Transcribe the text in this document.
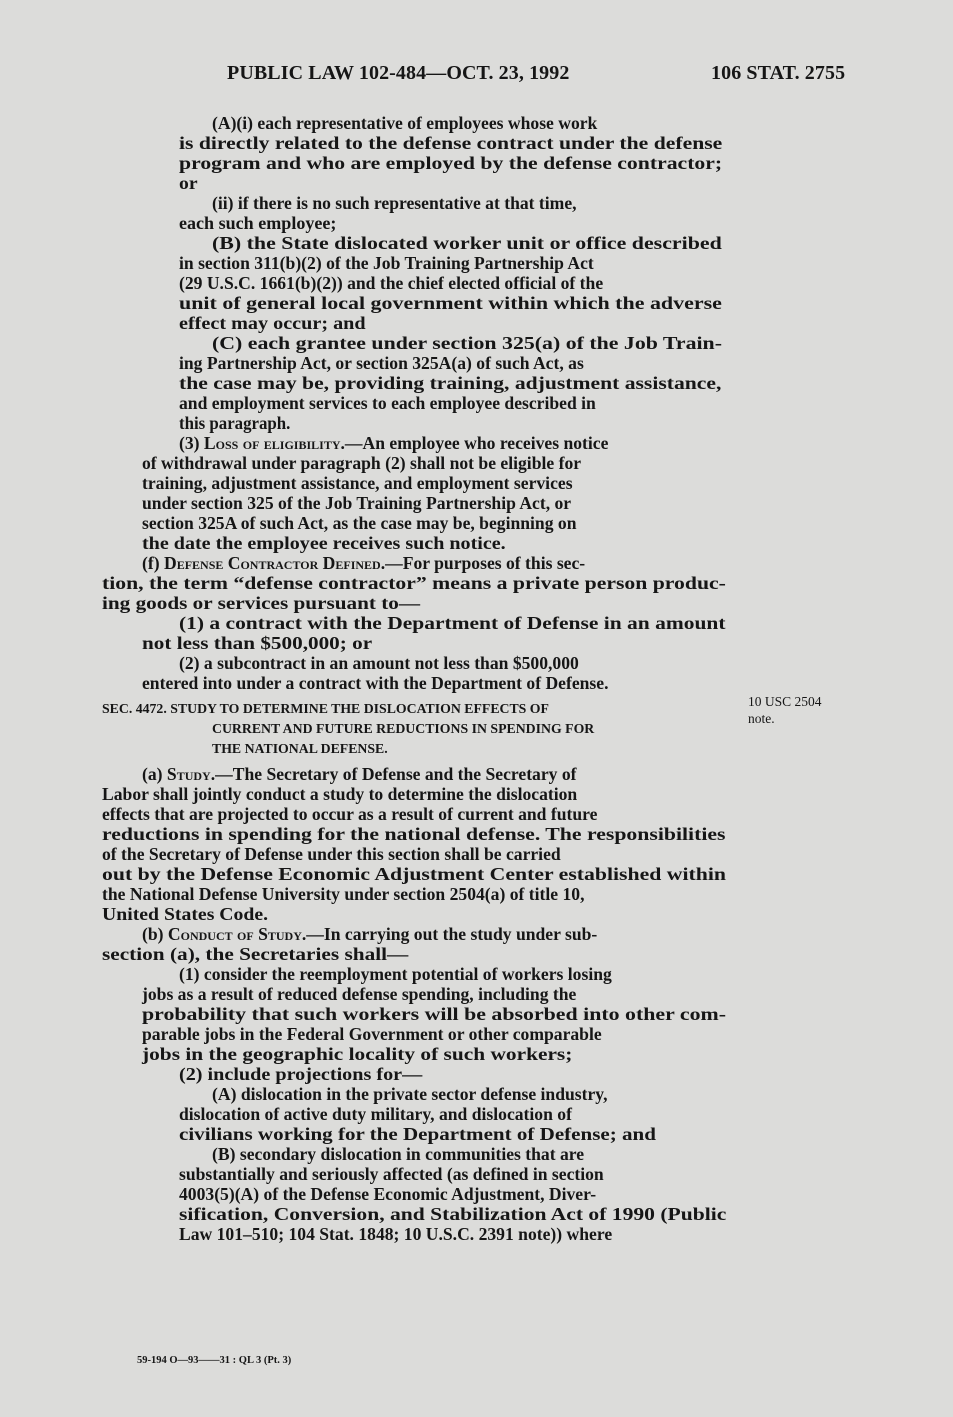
PUBLIC LAW 102-484—OCT. 23, 1992	106 STAT. 2755
(A)(i) each representative of employees whose work
is directly related to the defense contract under the defense
program and who are employed by the defense contractor;
or
(ii) if there is no such representative at that time,
each such employee;
(B) the State dislocated worker unit or office described
in section 311(b)(2) of the Job Training Partnership Act
(29 U.S.C. 1661(b)(2)) and the chief elected official of the
unit of general local government within which the adverse
effect may occur; and
(C) each grantee under section 325(a) of the Job Train-
ing Partnership Act, or section 325A(a) of such Act, as
the case may be, providing training, adjustment assistance,
and employment services to each employee described in
this paragraph.
(3) Loss of eligibility.—An employee who receives notice
of withdrawal under paragraph (2) shall not be eligible for
training, adjustment assistance, and employment services
under section 325 of the Job Training Partnership Act, or
section 325A of such Act, as the case may be, beginning on
the date the employee receives such notice.
(f) Defense Contractor Defined.—For purposes of this sec-
tion, the term “defense contractor” means a private person produc-
ing goods or services pursuant to—
(1) a contract with the Department of Defense in an amount
not less than $500,000; or
(2) a subcontract in an amount not less than $500,000
entered into under a contract with the Department of Defense.
SEC. 4472. STUDY TO DETERMINE THE DISLOCATION EFFECTS OF
CURRENT AND FUTURE REDUCTIONS IN SPENDING FOR
THE NATIONAL DEFENSE.
(a) Study.—The Secretary of Defense and the Secretary of
Labor shall jointly conduct a study to determine the dislocation
effects that are projected to occur as a result of current and future
reductions in spending for the national defense. The responsibilities
of the Secretary of Defense under this section shall be carried
out by the Defense Economic Adjustment Center established within
the National Defense University under section 2504(a) of title 10,
United States Code.
(b) Conduct of Study.—In carrying out the study under sub-
section (a), the Secretaries shall—
(1) consider the reemployment potential of workers losing
jobs as a result of reduced defense spending, including the
probability that such workers will be absorbed into other com-
parable jobs in the Federal Government or other comparable
jobs in the geographic locality of such workers;
(2) include projections for—
(A) dislocation in the private sector defense industry,
dislocation of active duty military, and dislocation of
civilians working for the Department of Defense; and
(B) secondary dislocation in communities that are
substantially and seriously affected (as defined in section
4003(5)(A) of the Defense Economic Adjustment, Diver-
sification, Conversion, and Stabilization Act of 1990 (Public
Law 101–510; 104 Stat. 1848; 10 U.S.C. 2391 note)) where
10 USC 2504
note.
59-194 O—93——31 : QL 3 (Pt. 3)
